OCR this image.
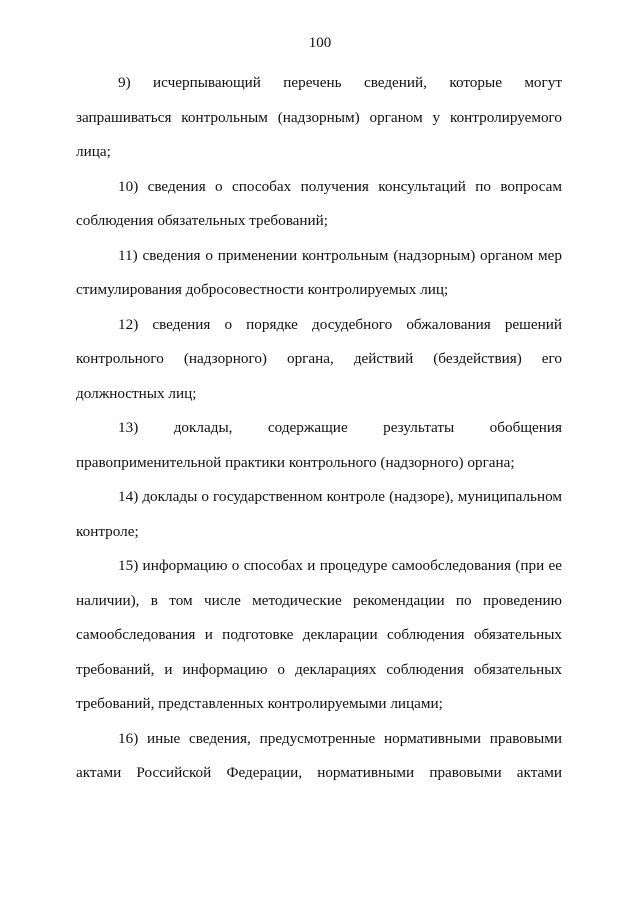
100

9) исчерпывающий перечень сведений, которые могут запрашиваться контрольным (надзорным) органом у контролируемого лица;

10) сведения о способах получения консультаций по вопросам соблюдения обязательных требований;

11) сведения о применении контрольным (надзорным) органом мер стимулирования добросовестности контролируемых лиц;

12) сведения о порядке досудебного обжалования решений контрольного (надзорного) органа, действий (бездействия) его должностных лиц;

13) доклады, содержащие результаты обобщения правоприменительной практики контрольного (надзорного) органа;

14) доклады о государственном контроле (надзоре), муниципальном контроле;

15) информацию о способах и процедуре самообследования (при ее наличии), в том числе методические рекомендации по проведению самообследования и подготовке декларации соблюдения обязательных требований, и информацию о декларациях соблюдения обязательных требований, представленных контролируемыми лицами;

16) иные сведения, предусмотренные нормативными правовыми актами Российской Федерации, нормативными правовыми актами
